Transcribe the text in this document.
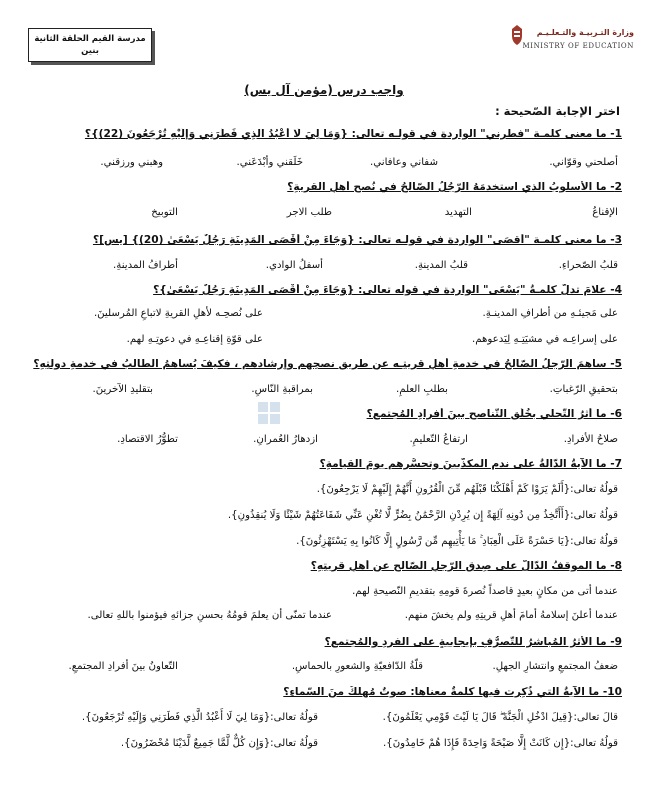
مدرسة القيم الحلقة الثانية
بنين
وزارة التـربيـة والتـعلـيـم
MINISTRY OF EDUCATION
واجب درس (مؤمن آل يس)
اختر الإجابة الصّحيحة :
1- ما معنى كلمـة "فطرني" الواردة في قولـه تعالى: {وَمَا لِيَ لَا أَعْبُدُ الَّذِي فَطَرَنِي وَإِلَيْهِ تُرْجَعُونَ (22)}؟
أصلحني وقوّاني.
شفاني وعافاني.
خَلَقني وأبْدَعَني.
وهبني ورزقني.
2- ما الأسلوبُ الّذي استخدمَهُ الرّجُلُ الصّالحُ في نُصحِ أهلِ القريةِ؟
الإقناعُ
التهديد
طلب الاجر
التوبيخ
3- ما معنى كلمـة "أقصَى" الواردة في قولـه تعالى: {وَجَاءَ مِنْ أَقْصَى الْمَدِينَةِ رَجُلٌ يَسْعَىٰ (20)} [يس]؟
قلبُ الصّحراءِ.
قلبُ المدينةِ.
أسفلُ الوادي.
أطرافُ المدينةِ.
4- علامَ تدلُّ كلمـةُ "يَسْعَى" الواردة في قوله تعالى: {وَجَاءَ مِنْ أَقْصَى الْمَدِينَةِ رَجُلٌ يَسْعَىٰ}؟
على مَجيئـهِ من أطرافِ المدينـةِ.
على نُصحِـه لأهلِ القريةِ لاتباعِ المُرسلينَ.
على إسراعِـه في مشيَتِـهِ لِيَدعوهم.
على قوّةِ إقناعِـهِ في دعوتِـهِ لهم.
5- ساهمَ الرّجلُ الصّالحُ في خدمةِ أهلِ قريتِـه عن طريقِ نصحِهم وإرشادهم ، فكيفَ يُساهمُ الطّالبُ في خدمةِ دولتِهِ؟
بتحقيقِ الرّغباتِ.
بطلبِ العلمِ.
بمراقبةِ النّاسِ.
بتقليدِ الآخرينَ.
6- ما أثرُ التّحلي بخُلُقِ التّناصحِ بينَ أفرادِ المُجتمعِ؟
صلاحُ الأفرادِ.
ارتفاعُ التّعليمِ.
ازدهارُ العُمرانِ.
تطوُّرُ الاقتصادِ.
7- ما الآيةُ الدّالةُ على ندمِ المكذّبينَ وتحسُّرِهم يومَ القيامةِ؟
قولُهُ تعالى:{أَلَمْ يَرَوْا كَمْ أَهْلَكْنَا قَبْلَهُم مِّنَ الْقُرُونِ أَنَّهُمْ إِلَيْهِمْ لَا يَرْجِعُونَ}.
قولُهُ تعالى:{أَأَتَّخِذُ مِن دُونِهِ آلِهَةً إِن يُرِدْنِ الرَّحْمَٰنُ بِضُرٍّ لَّا تُغْنِ عَنِّي شَفَاعَتُهُمْ شَيْئًا وَلَا يُنقِذُونِ}.
قولُهُ تعالى:{يَا حَسْرَةً عَلَى الْعِبَادِ ۚ مَا يَأْتِيهِم مِّن رَّسُولٍ إِلَّا كَانُوا بِهِ يَسْتَهْزِئُونَ}.
8- ما الموقفُ الدّالُّ على صِدقِ الرّجلِ الصّالحِ عن أهلِ قريتِهِ؟
عندما أتى من مكانٍ بعيدٍ قاصداً نُصرةَ قومِهِ بتقديمِ النّصيحةِ لهم.
عندما أعلنَ إسلامهُ أمامَ أهلِ قريتِهِ ولم يخشَ منهم.
عندما تمنّى أن يعلمَ قومُهُ بحسنِ جزائهِ فيؤمنوا باللهِ تعالى.
9- ما الأثرُ المُباشرُ للتّصرُّفِ بإيجابيةٍ على الفردِ والمُجتمعِ؟
ضعفُ المجتمعِ وانتشارِ الجهلِ.
قلّةُ الدّافعيّةِ والشعورِ بالحماسِ.
التّعاونُ بينَ أفرادِ المجتمعِ.
10- ما الآيةُ التي ذُكِرت فيها كلمةٌ معناها: صوتٌ مُهلكٌ منَ السّماءِ؟
قالَ تعالى:{قِيلَ ادْخُلِ الْجَنَّةَ ۖ قَالَ يَا لَيْتَ قَوْمِي يَعْلَمُونَ}.
قولُهُ تعالى:{وَمَا لِيَ لَا أَعْبُدُ الَّذِي فَطَرَنِي وَإِلَيْهِ تُرْجَعُونَ}.
قولُهُ تعالى:{إِن كَانَتْ إِلَّا صَيْحَةً وَاحِدَةً فَإِذَا هُمْ خَامِدُونَ}.
قولُهُ تعالى:{وَإِن كُلٌّ لَّمَّا جَمِيعٌ لَّدَيْنَا مُحْضَرُونَ}.
